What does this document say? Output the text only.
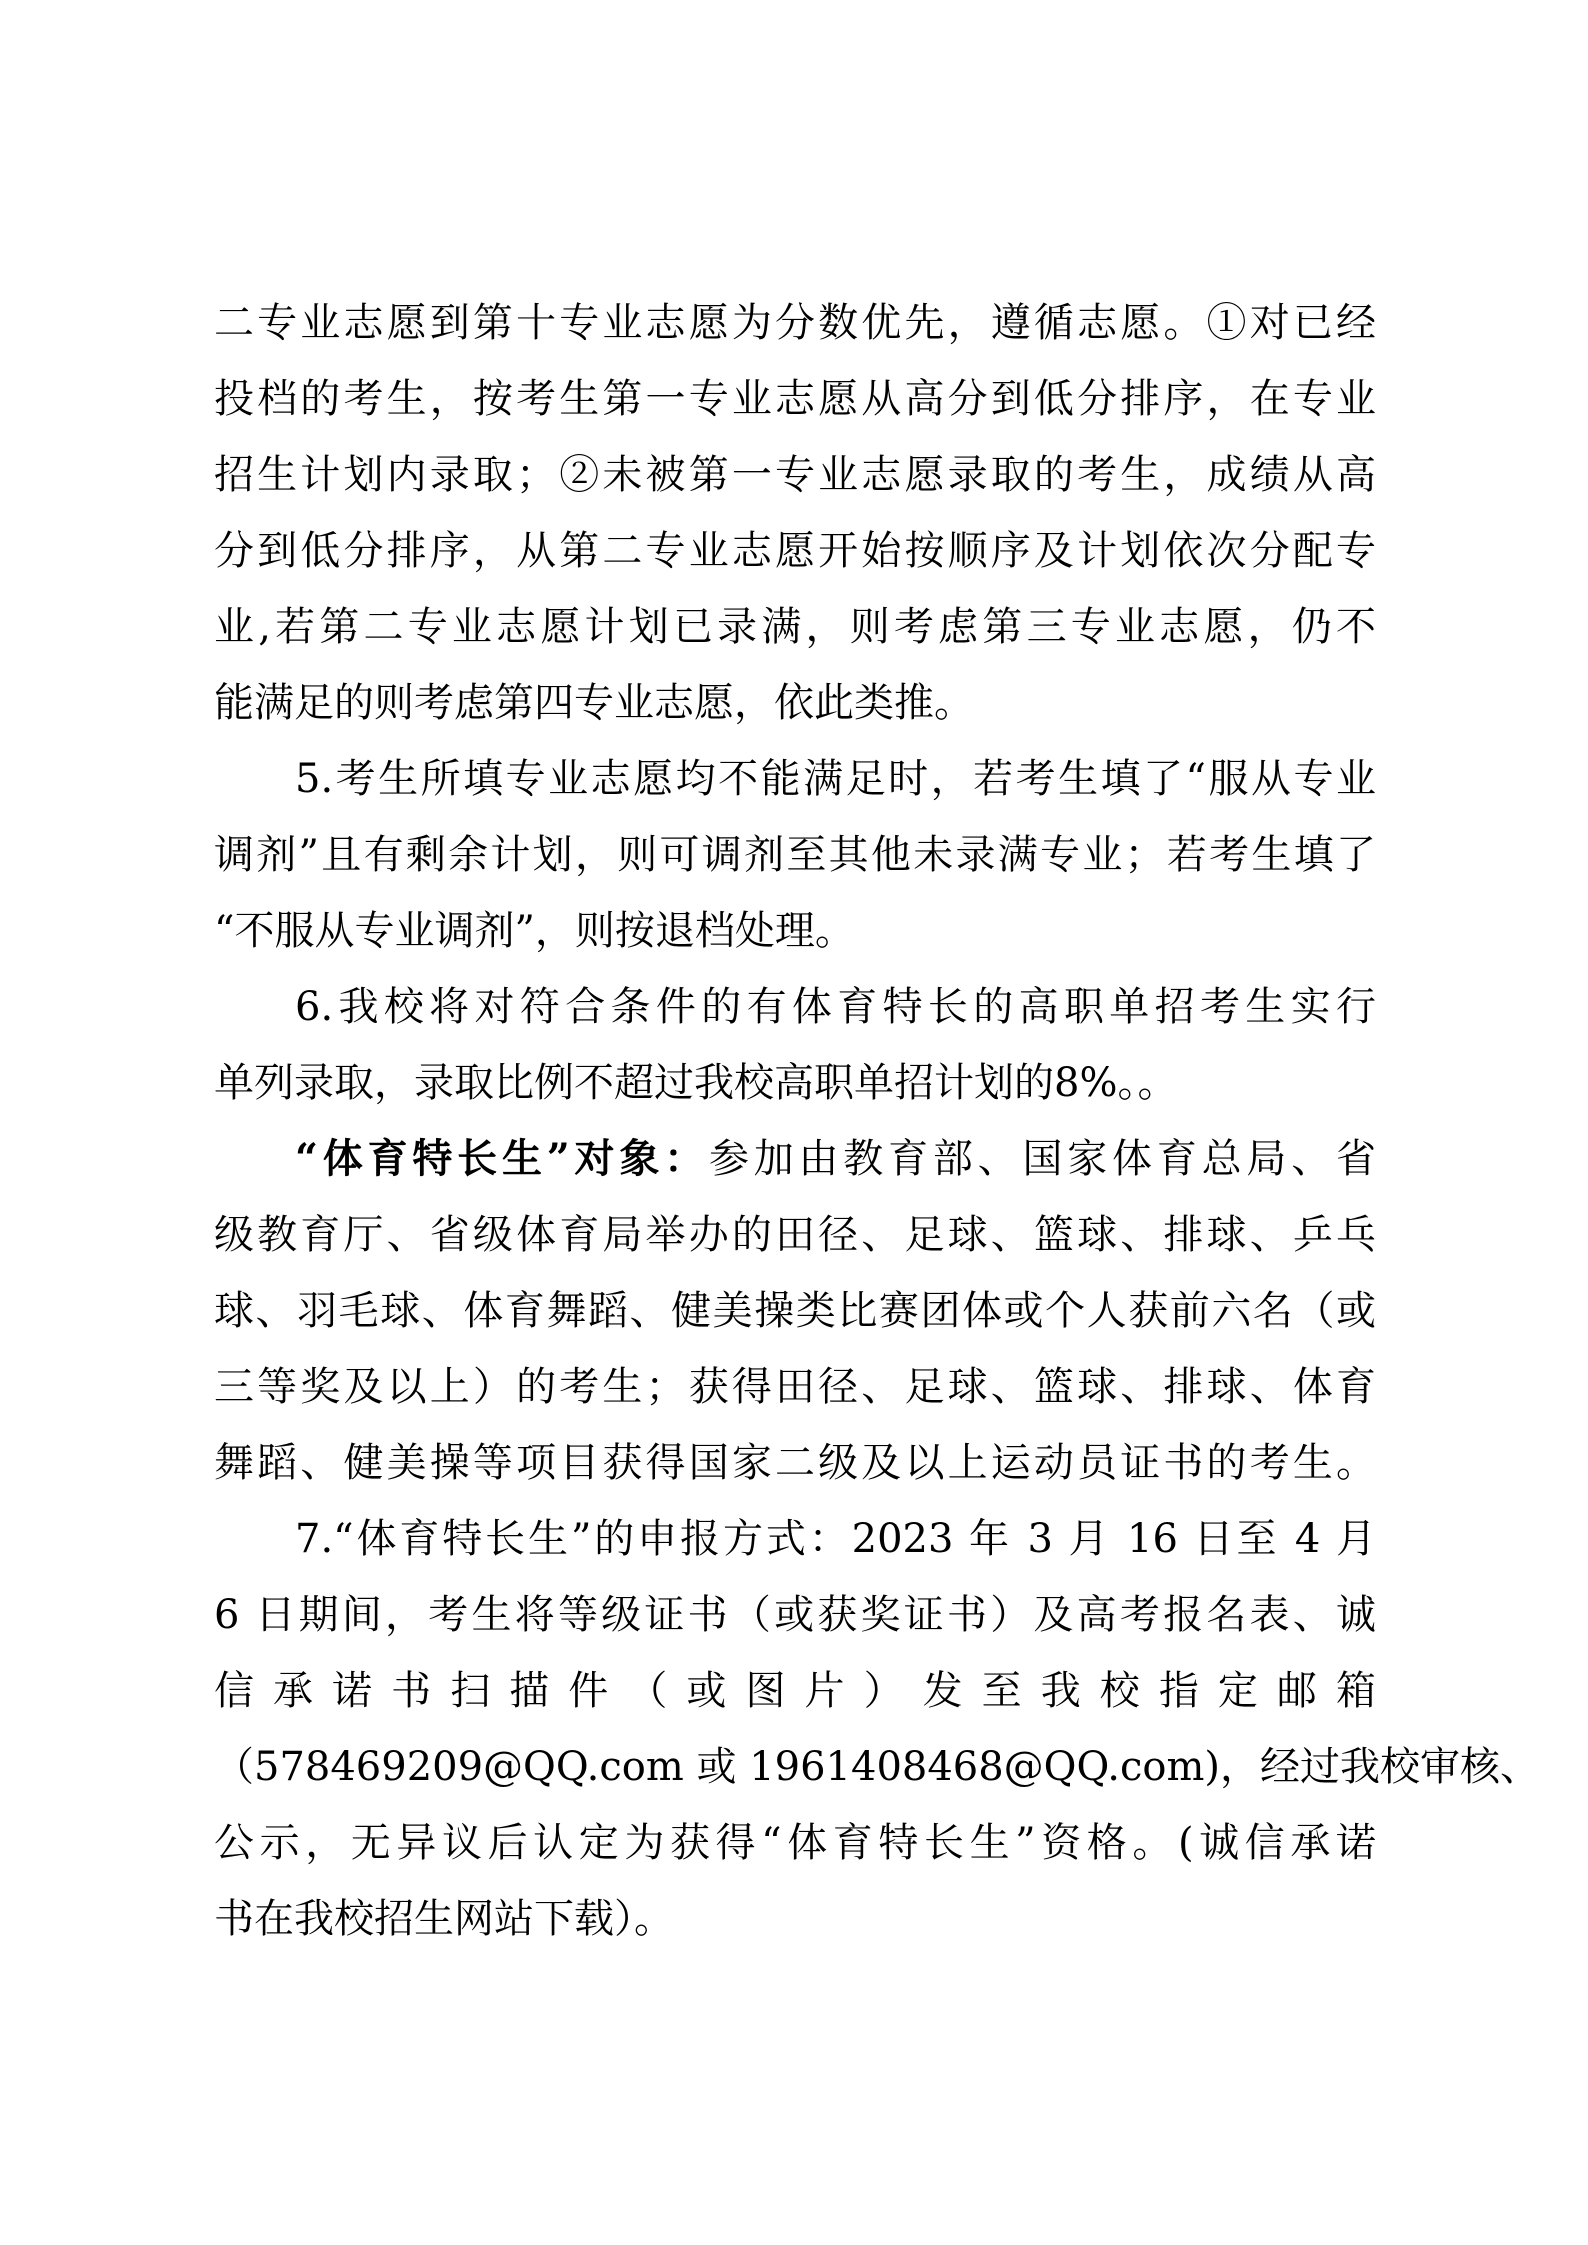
二专业志愿到第十专业志愿为分数优先，遵循志愿。①对已经
投档的考生，按考生第一专业志愿从高分到低分排序，在专业
招生计划内录取；②未被第一专业志愿录取的考生，成绩从高
分到低分排序，从第二专业志愿开始按顺序及计划依次分配专
业,若第二专业志愿计划已录满，则考虑第三专业志愿，仍不
能满足的则考虑第四专业志愿，依此类推。
5.考生所填专业志愿均不能满足时，若考生填了“服从专业
调剂”且有剩余计划，则可调剂至其他未录满专业；若考生填了
“不服从专业调剂”，则按退档处理。
6.我校将对符合条件的有体育特长的高职单招考生实行
单列录取，录取比例不超过我校高职单招计划的8%。。
“体育特长生”对象：参加由教育部、国家体育总局、省
级教育厅、省级体育局举办的田径、足球、篮球、排球、乒乓
球、羽毛球、体育舞蹈、健美操类比赛团体或个人获前六名（或
三等奖及以上）的考生；获得田径、足球、篮球、排球、体育
舞蹈、健美操等项目获得国家二级及以上运动员证书的考生。
7.“体育特长生”的申报方式：2023 年 3 月 16 日至 4 月
6 日期间，考生将等级证书（或获奖证书）及高考报名表、诚
信 承 诺 书 扫 描 件 （ 或 图 片 ） 发 至 我 校 指 定 邮 箱
（578469209@QQ.com 或 1961408468@QQ.com)，经过我校审核、
公示，无异议后认定为获得“体育特长生”资格。(诚信承诺
书在我校招生网站下载）。
